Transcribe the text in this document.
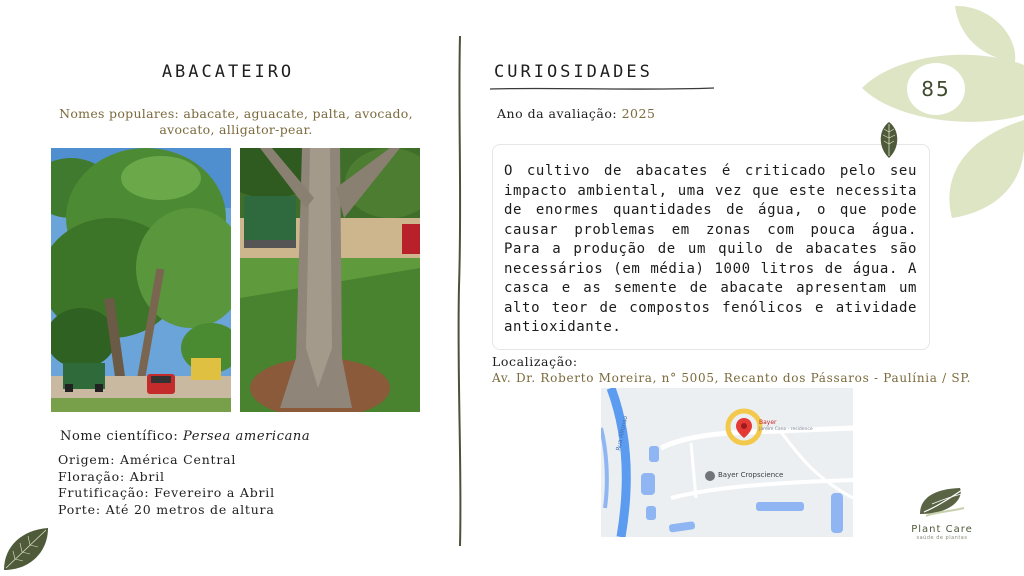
ABACATEIRO
Nomes populares: abacate, aguacate, palta, avocado, avocato, alligator-pear.
Nome científico: Persea americana
Origem: América Central
Floração: Abril
Frutificação: Fevereiro a Abril
Porte: Até 20 metros de altura
CURIOSIDADES
Ano da avaliação: 2025

O cultivo de abacates é criticado pelo seu impacto ambiental, uma vez que este necessita de enormes quantidades de água, o que pode causar problemas em zonas com pouca água. Para a produção de um quilo de abacates são necessários (em média) 1000 litros de água. A casca e as semente de abacate apresentam um alto teor de compostos fenólicos e atividade antioxidante.

Localização:
Av. Dr. Roberto Moreira, n° 5005, Recanto dos Pássaros - Paulínia / SP.
Rua Alfonso	Bayer
Jardim Cano - residence
Bayer Cropscience
85
Plant Care
saúde de plantas
